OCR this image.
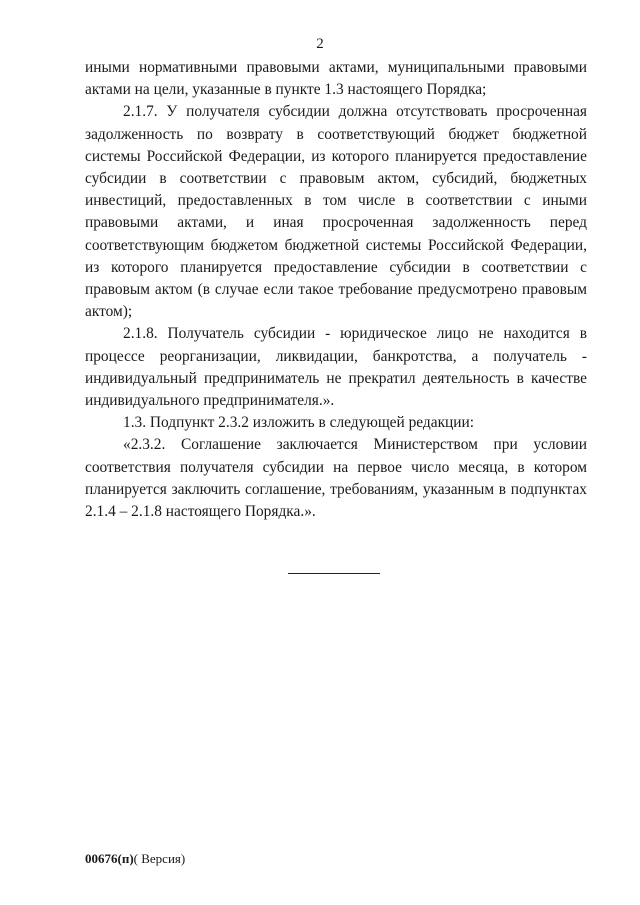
2

иными нормативными правовыми актами, муниципальными правовыми актами на цели, указанные в пункте 1.3 настоящего Порядка;

2.1.7. У получателя субсидии должна отсутствовать просроченная задолженность по возврату в соответствующий бюджет бюджетной системы Российской Федерации, из которого планируется предоставление субсидии в соответствии с правовым актом, субсидий, бюджетных инвестиций, предоставленных в том числе в соответствии с иными правовыми актами, и иная просроченная задолженность перед соответствующим бюджетом бюджетной системы Российской Федерации, из которого планируется предоставление субсидии в соответствии с правовым актом (в случае если такое требование предусмотрено правовым актом);

2.1.8. Получатель субсидии - юридическое лицо не находится в процессе реорганизации, ликвидации, банкротства, а получатель - индивидуальный предприниматель не прекратил деятельность в качестве индивидуального предпринимателя.».

1.3. Подпункт 2.3.2 изложить в следующей редакции:

«2.3.2. Соглашение заключается Министерством при условии соответствия получателя субсидии на первое число месяца, в котором планируется заключить соглашение, требованиям, указанным в подпунктах 2.1.4 – 2.1.8 настоящего Порядка.».

00676(п)( Версия)
